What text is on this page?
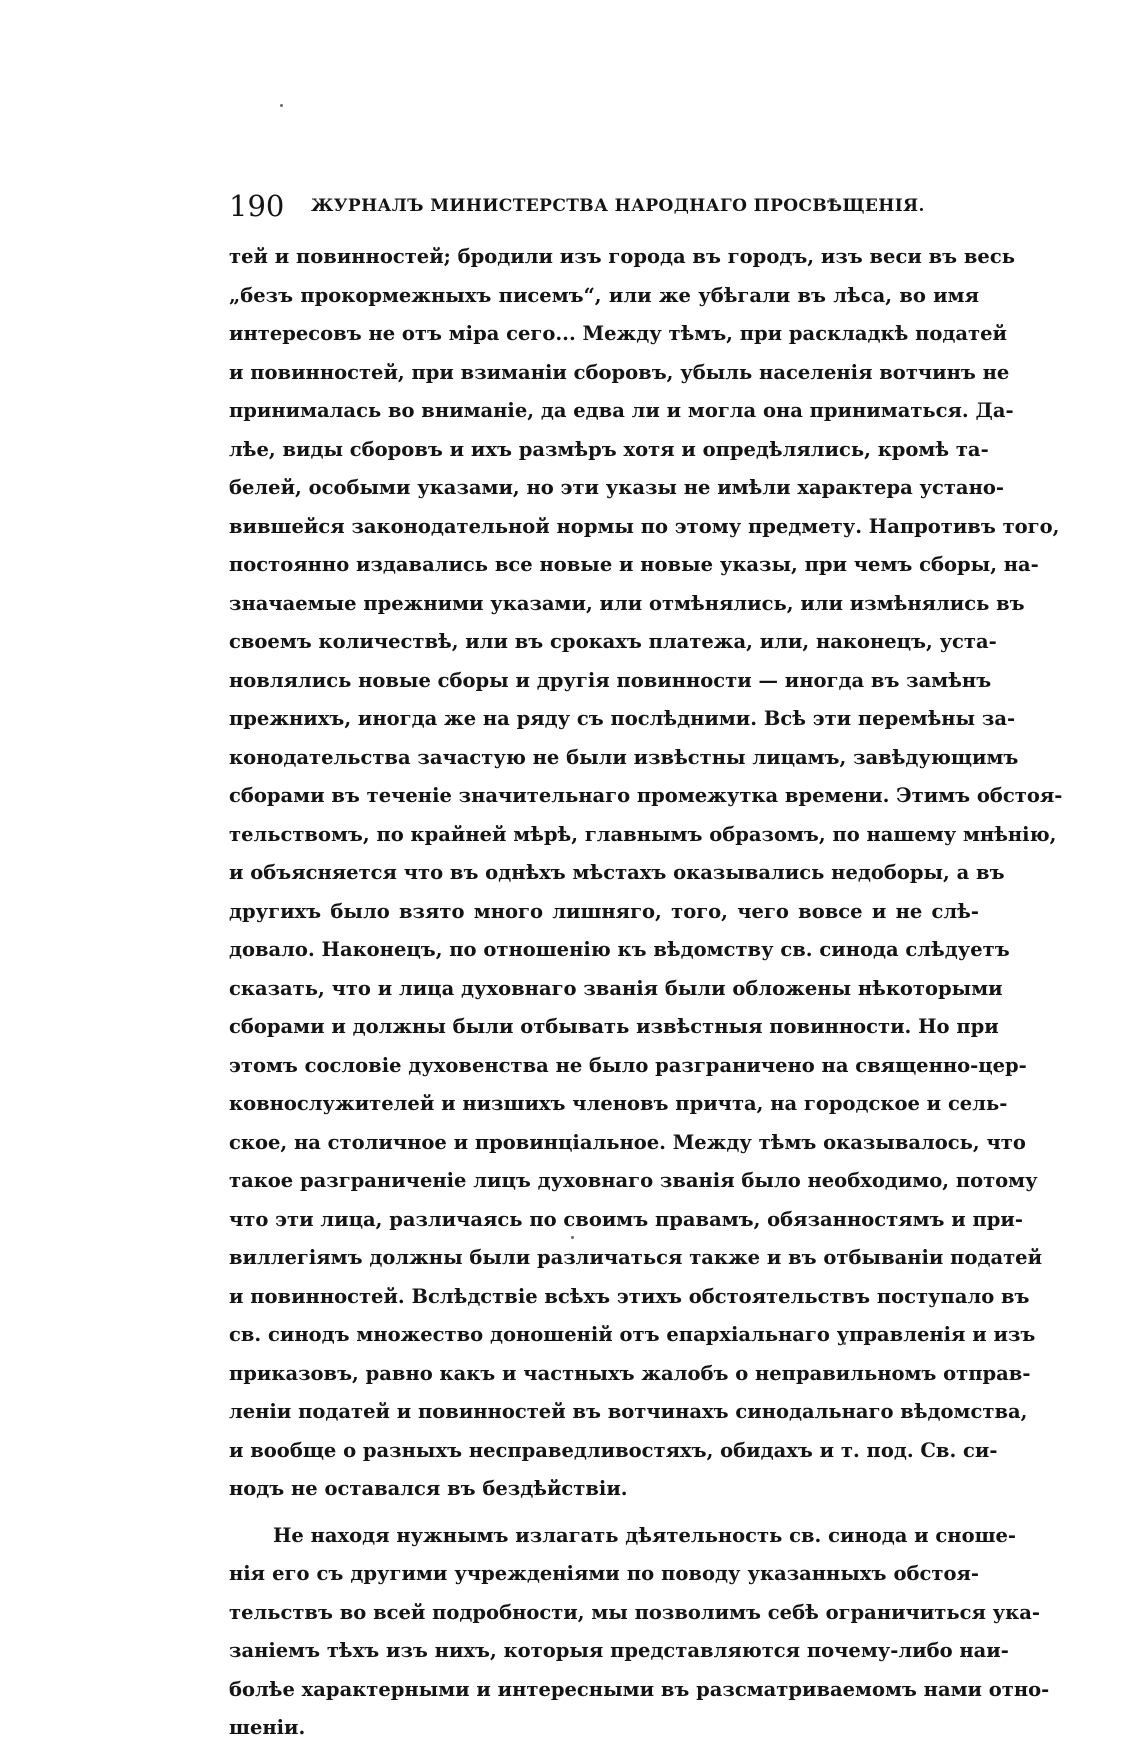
190 ЖУРНАЛЪ МИНИСТЕРСТВА НАРОДНАГО ПРОСВѢЩЕНІЯ.
тей и повинностей; бродили изъ города въ городъ, изъ веси въ весь
„безъ прокормежныхъ писемъ“, или же убѣгали въ лѣса, во имя
интересовъ не отъ міра сего... Между тѣмъ, при раскладкѣ податей
и повинностей, при взиманіи сборовъ, убыль населенія вотчинъ не
принималась во вниманіе, да едва ли и могла она приниматься. Да-
лѣе, виды сборовъ и ихъ размѣръ хотя и опредѣлялись, кромѣ та-
белей, особыми указами, но эти указы не имѣли характера устано-
вившейся законодательной нормы по этому предмету. Напротивъ того,
постоянно издавались все новые и новые указы, при чемъ сборы, на-
значаемые прежними указами, или отмѣнялись, или измѣнялись въ
своемъ количествѣ, или въ срокахъ платежа, или, наконецъ, уста-
новлялись новые сборы и другія повинности — иногда въ замѣнъ
прежнихъ, иногда же на ряду съ послѣдними. Всѣ эти перемѣны за-
конодательства зачастую не были извѣстны лицамъ, завѣдующимъ
сборами въ теченіе значительнаго промежутка времени. Этимъ обстоя-
тельствомъ, по крайней мѣрѣ, главнымъ образомъ, по нашему мнѣнію,
и объясняется что въ однѣхъ мѣстахъ оказывались недоборы, а въ
другихъ было взято много лишняго, того, чего вовсе и не слѣ-
довало. Наконецъ, по отношенію къ вѣдомству св. синода слѣдуетъ
сказать, что и лица духовнаго званія были обложены нѣкоторыми
сборами и должны были отбывать извѣстныя повинности. Но при
этомъ сословіе духовенства не было разграничено на священно-цер-
ковнослужителей и низшихъ членовъ причта, на городское и сель-
ское, на столичное и провинціальное. Между тѣмъ оказывалось, что
такое разграниченіе лицъ духовнаго званія было необходимо, потому
что эти лица, различаясь по своимъ правамъ, обязанностямъ и при-
виллегіямъ должны были различаться также и въ отбываніи податей
и повинностей. Вслѣдствіе всѣхъ этихъ обстоятельствъ поступало въ
св. синодъ множество доношеній отъ епархіальнаго управленія и изъ
приказовъ, равно какъ и частныхъ жалобъ о неправильномъ отправ-
леніи податей и повинностей въ вотчинахъ синодальнаго вѣдомства,
и вообще о разныхъ несправедливостяхъ, обидахъ и т. под. Св. си-
нодъ не оставался въ бездѣйствіи.
Не находя нужнымъ излагать дѣятельность св. синода и сноше-
нія его съ другими учрежденіями по поводу указанныхъ обстоя-
тельствъ во всей подробности, мы позволимъ себѣ ограничиться ука-
заніемъ тѣхъ изъ нихъ, которыя представляются почему-либо наи-
болѣе характерными и интересными въ разсматриваемомъ нами отно-
шеніи.
